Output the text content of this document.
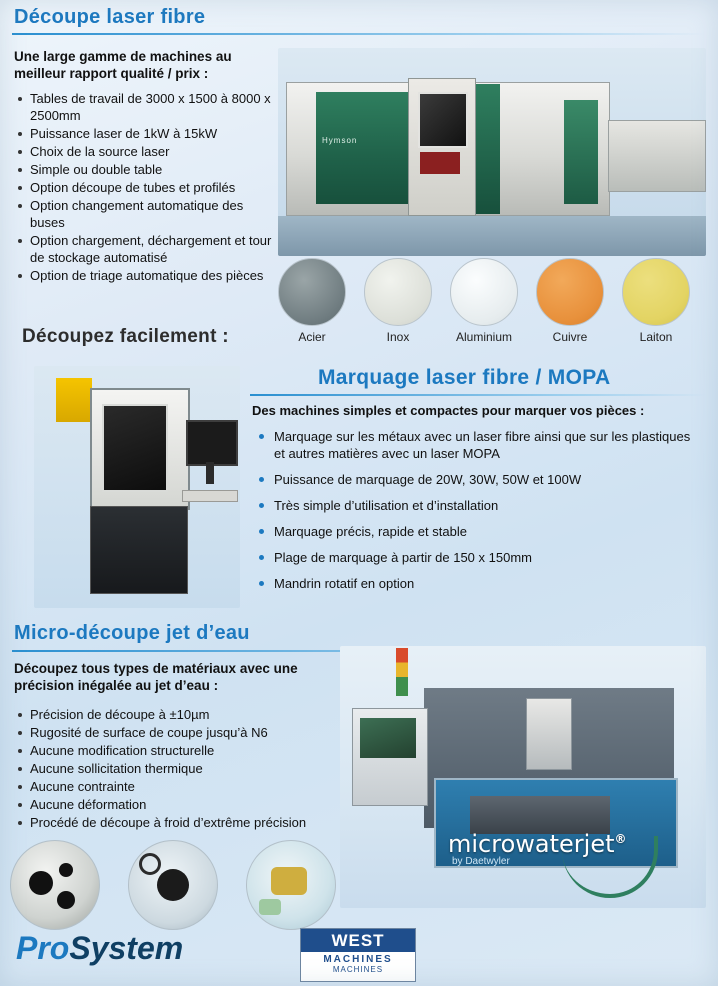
Découpe laser fibre
Une large gamme de machines au meilleur rapport qualité / prix :
Tables de travail de 3000 x 1500 à 8000 x 2500mm
Puissance laser de 1kW à 15kW
Choix de la source laser
Simple ou double table
Option découpe de tubes et profilés
Option changement automatique des buses
Option chargement, déchargement et tour de stockage automatisé
Option de triage automatique des pièces
Hymson
Acier	Inox	Aluminium	Cuivre	Laiton
Découpez facilement :
Marquage laser fibre / MOPA
Des machines simples et compactes pour marquer vos pièces :
Marquage sur les métaux avec un laser fibre ainsi que sur les plastiques et autres matières avec un laser MOPA
Puissance de marquage de 20W, 30W, 50W et 100W
Très simple d’utilisation et d’installation
Marquage précis, rapide et stable
Plage de marquage à partir de 150 x 150mm
Mandrin rotatif en option
Micro-découpe jet d’eau
Découpez tous types de matériaux avec une précision inégalée au jet d’eau :
Précision de découpe à ±10µm
Rugosité de surface de coupe jusqu’à N6
Aucune modification structurelle
Aucune sollicitation thermique
Aucune contrainte
Aucune déformation
Procédé de découpe à froid d’extrême précision
microwaterjet®
by Daetwyler
ProSystem	WEST
MACHINES
MACHINES
